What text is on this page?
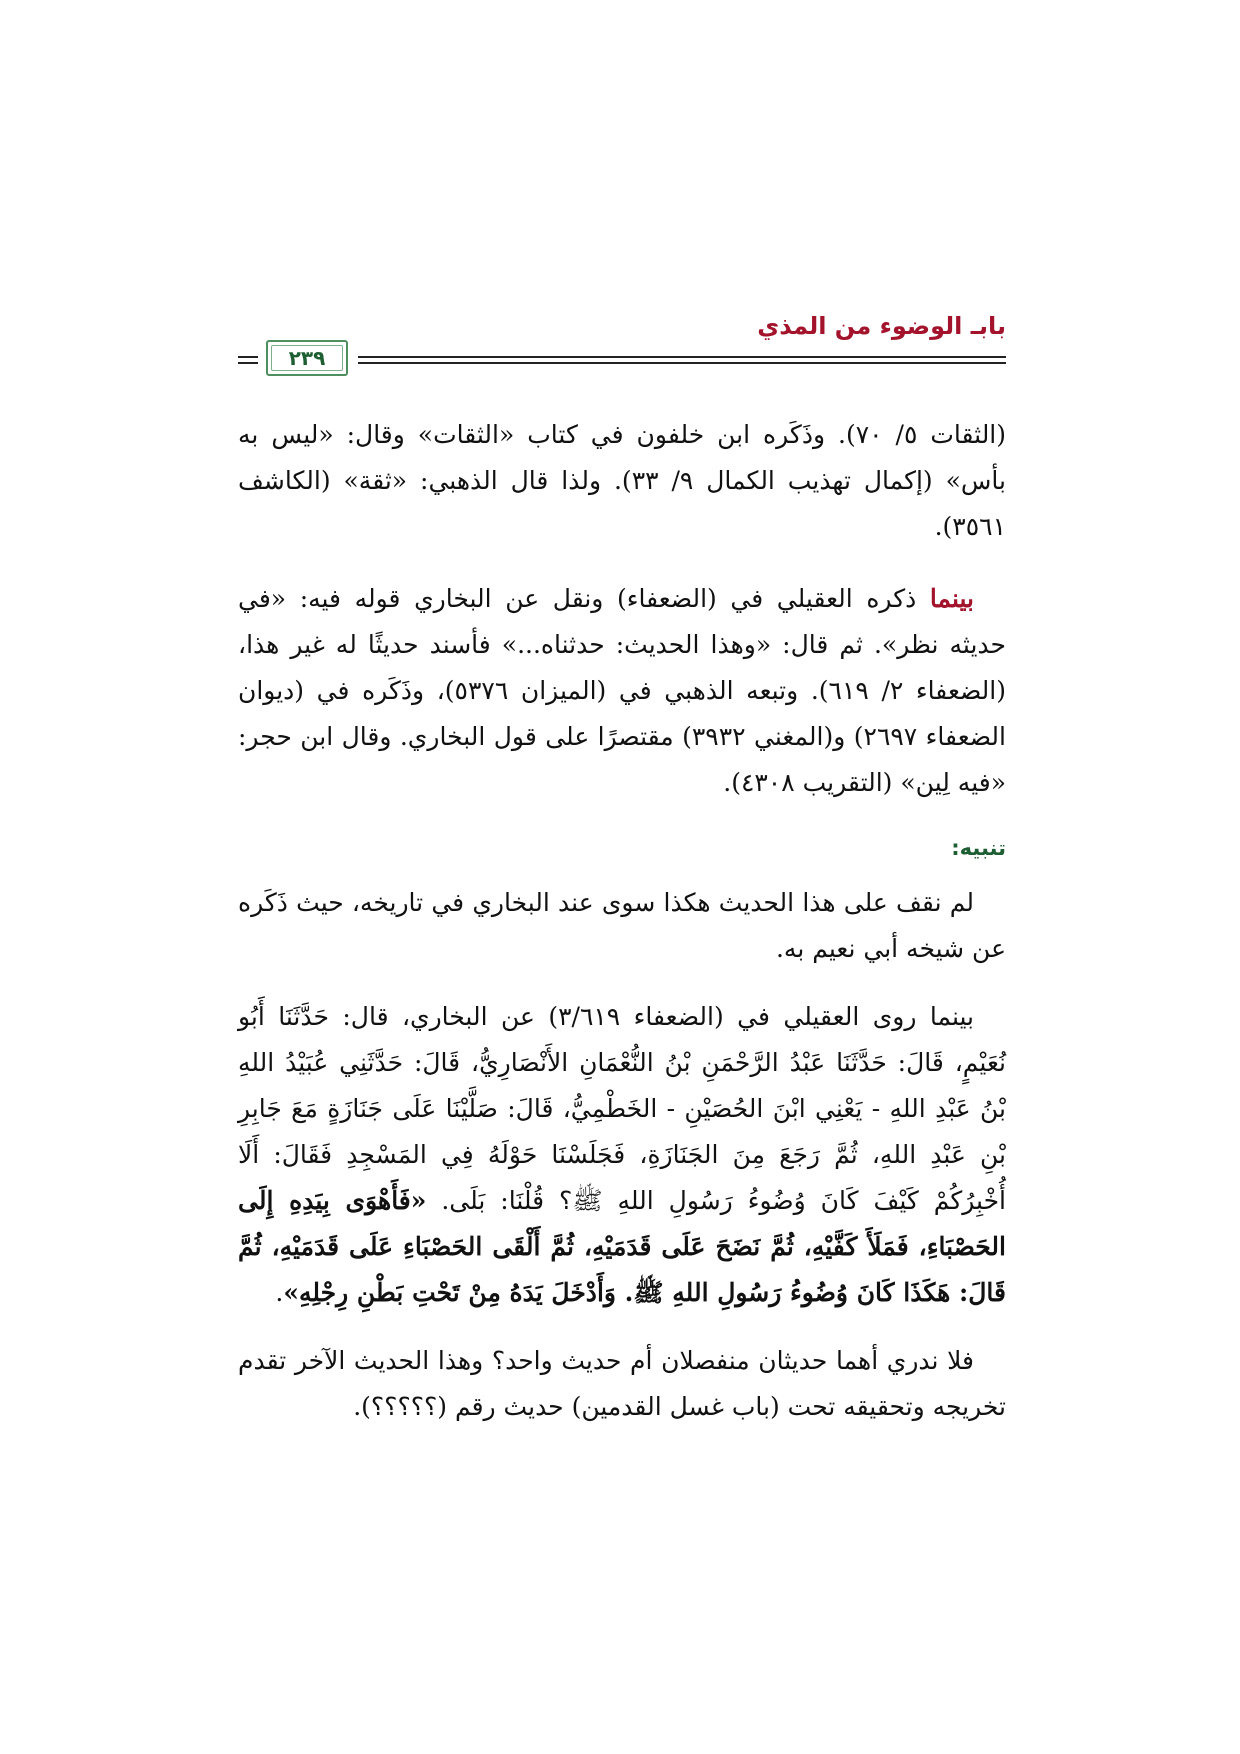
بابـ الوضوء من المذي
٢٣٩

(الثقات ٥/ ٧٠). وذَكَره ابن خلفون في كتاب «الثقات» وقال: «ليس به بأس» (إكمال تهذيب الكمال ٩/ ٣٣). ولذا قال الذهبي: «ثقة» (الكاشف ٣٥٦١).

بينما ذكره العقيلي في (الضعفاء) ونقل عن البخاري قوله فيه: «في حديثه نظر». ثم قال: «وهذا الحديث: حدثناه...» فأسند حديثًا له غير هذا، (الضعفاء ٢/ ٦١٩). وتبعه الذهبي في (الميزان ٥٣٧٦)، وذَكَره في (ديوان الضعفاء ٢٦٩٧) و(المغني ٣٩٣٢) مقتصرًا على قول البخاري. وقال ابن حجر: «فيه لِين» (التقريب ٤٣٠٨).

تنبيه:

لم نقف على هذا الحديث هكذا سوى عند البخاري في تاريخه، حيث ذَكَره عن شيخه أبي نعيم به.

بينما روى العقيلي في (الضعفاء ٣/٦١٩) عن البخاري، قال: حَدَّثَنَا أَبُو نُعَيْمٍ، قَالَ: حَدَّثَنَا عَبْدُ الرَّحْمَنِ بْنُ النُّعْمَانِ الأَنْصَارِيُّ، قَالَ: حَدَّثَنِي عُبَيْدُ اللهِ بْنُ عَبْدِ اللهِ - يَعْنِي ابْنَ الحُصَيْنِ - الخَطْمِيُّ، قَالَ: صَلَّيْنَا عَلَى جَنَازَةٍ مَعَ جَابِرِ بْنِ عَبْدِ اللهِ، ثُمَّ رَجَعَ مِنَ الجَنَازَةِ، فَجَلَسْنَا حَوْلَهُ فِي المَسْجِدِ فَقَالَ: أَلَا أُخْبِرُكُمْ كَيْفَ كَانَ وُضُوءُ رَسُولِ اللهِ ﷺ؟ قُلْنَا: بَلَى. «فَأَهْوَى بِيَدِهِ إِلَى الحَصْبَاءِ، فَمَلَأَ كَفَّيْهِ، ثُمَّ نَضَحَ عَلَى قَدَمَيْهِ، ثُمَّ أَلْقَى الحَصْبَاءِ عَلَى قَدَمَيْهِ، ثُمَّ قَالَ: هَكَذَا كَانَ وُضُوءُ رَسُولِ اللهِ ﷺ. وَأَدْخَلَ يَدَهُ مِنْ تَحْتِ بَطْنِ رِجْلِهِ».

فلا ندري أهما حديثان منفصلان أم حديث واحد؟ وهذا الحديث الآخر تقدم تخريجه وتحقيقه تحت (باب غسل القدمين) حديث رقم (؟؟؟؟؟).
